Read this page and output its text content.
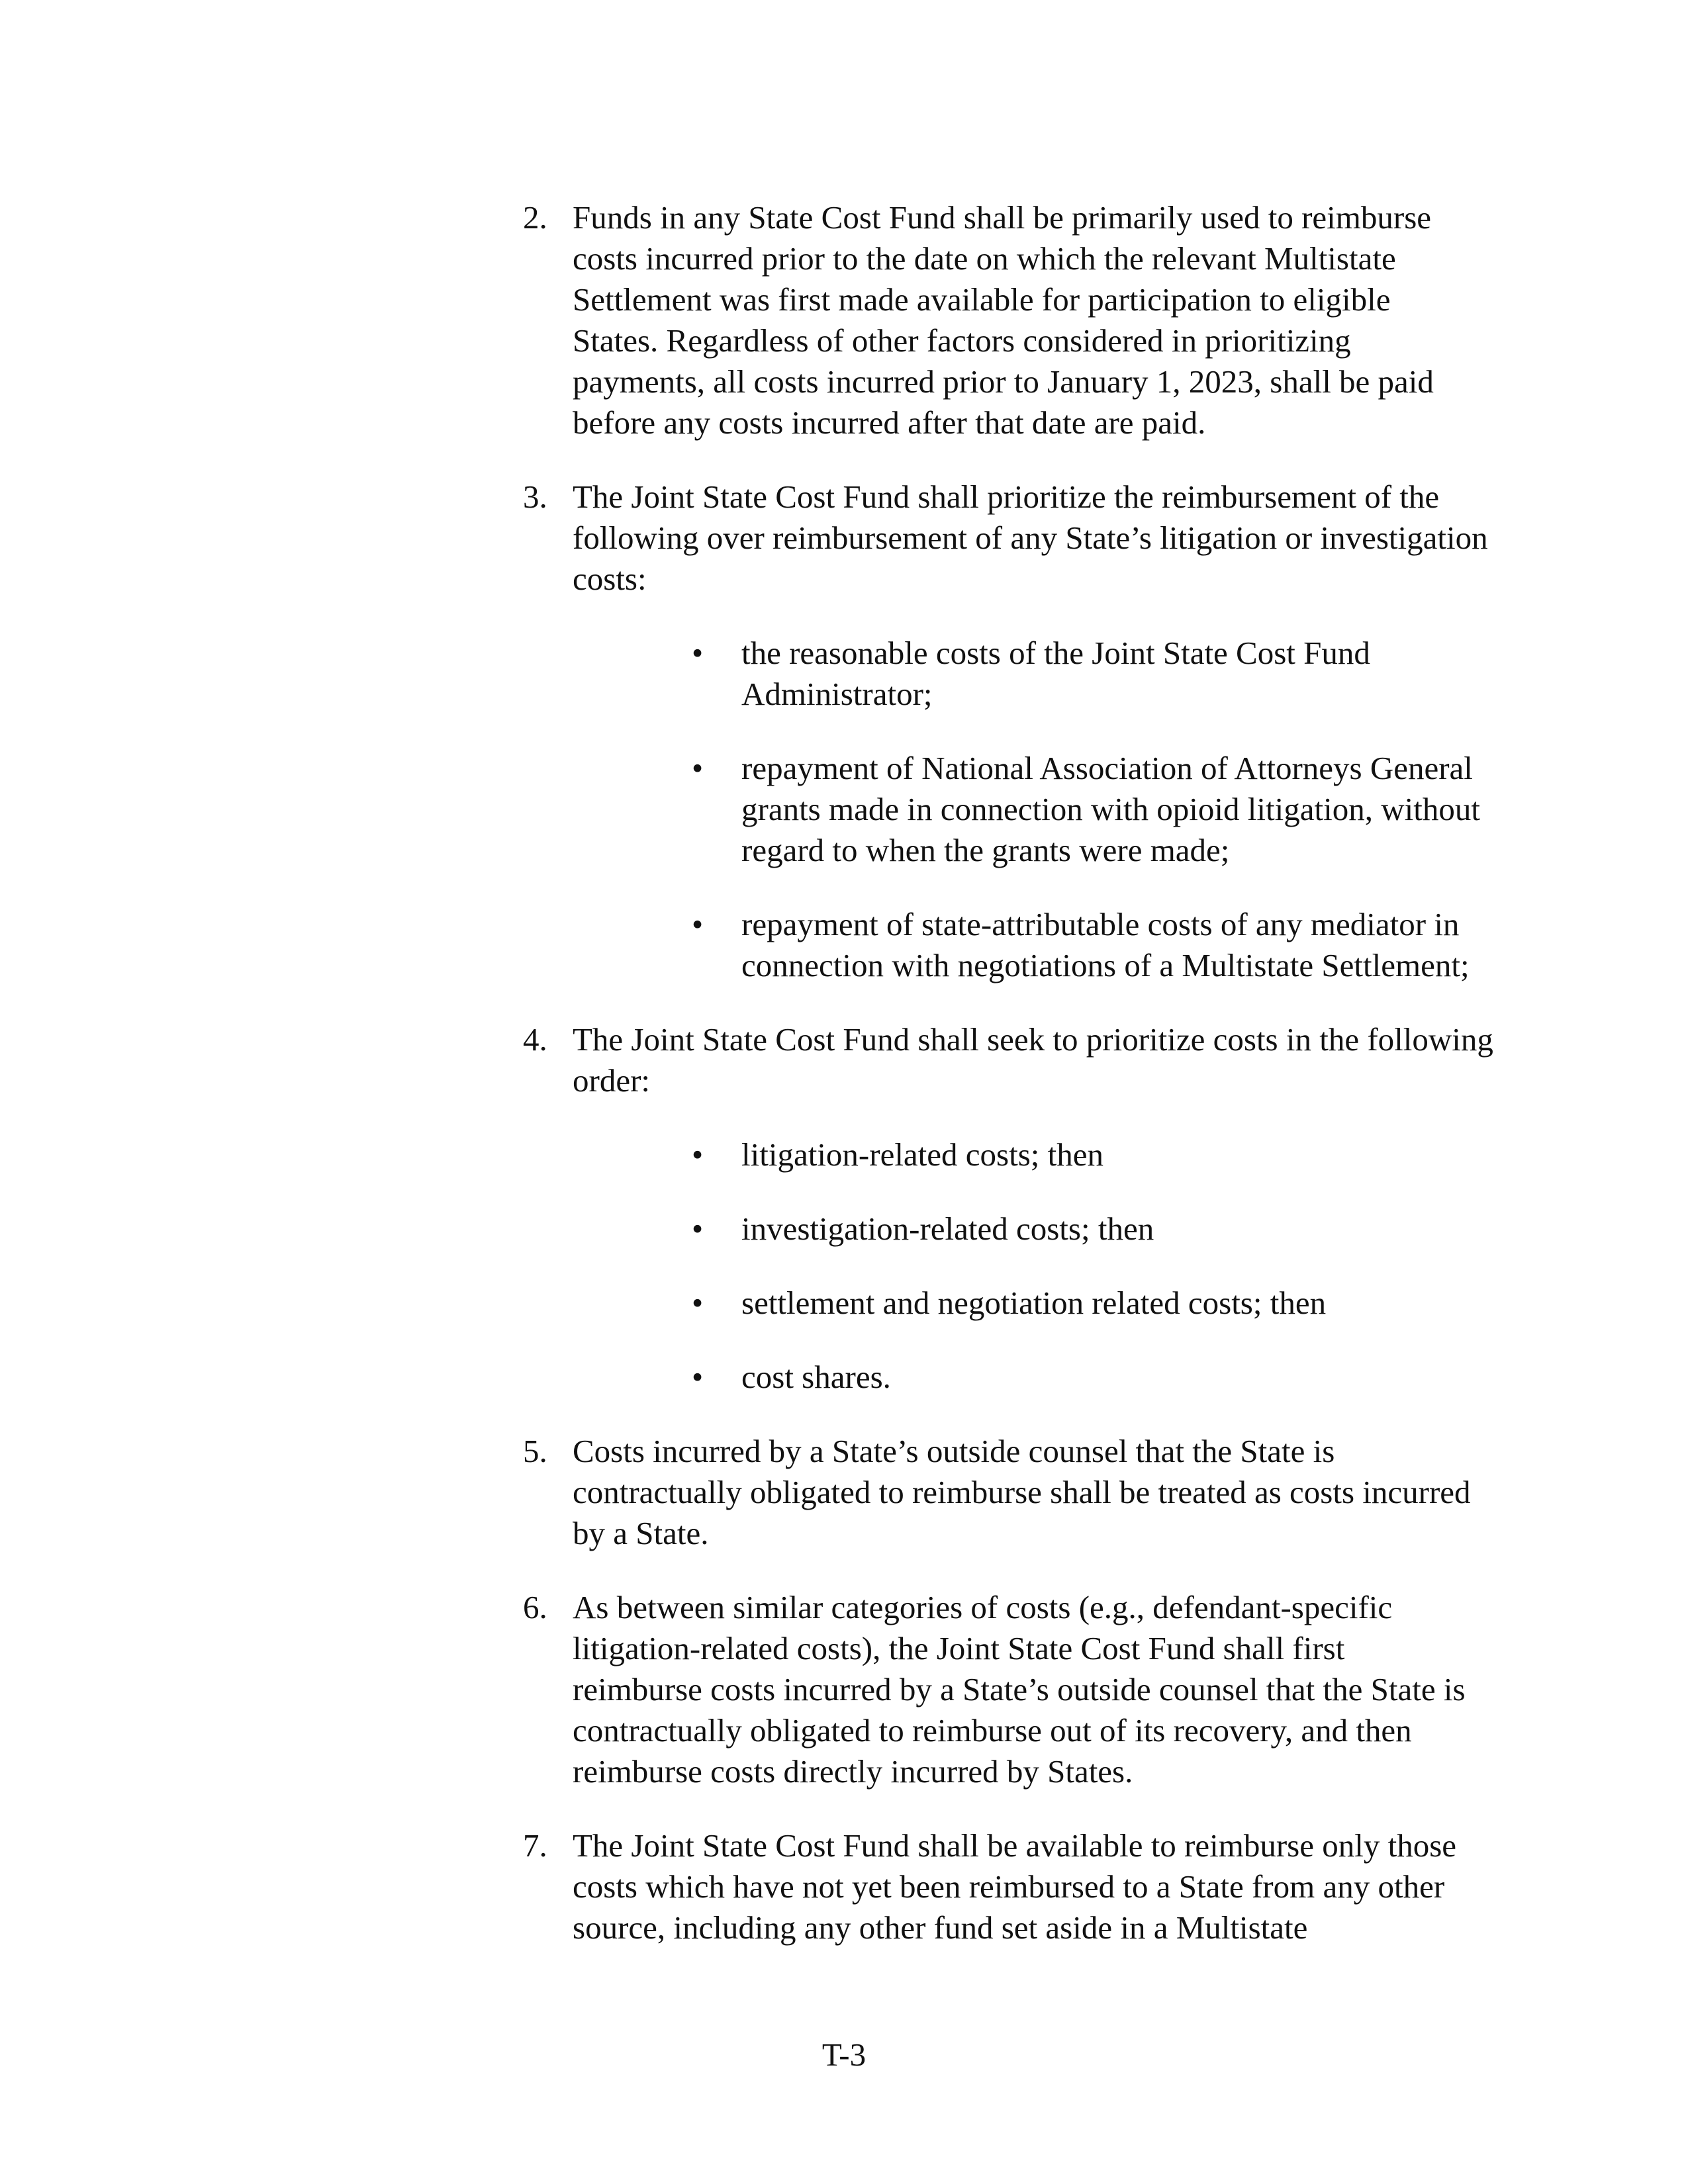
2. Funds in any State Cost Fund shall be primarily used to reimburse costs incurred prior to the date on which the relevant Multistate Settlement was first made available for participation to eligible States. Regardless of other factors considered in prioritizing payments, all costs incurred prior to January 1, 2023, shall be paid before any costs incurred after that date are paid.
3. The Joint State Cost Fund shall prioritize the reimbursement of the following over reimbursement of any State’s litigation or investigation costs:
•	the reasonable costs of the Joint State Cost Fund Administrator;
•	repayment of National Association of Attorneys General grants made in connection with opioid litigation, without regard to when the grants were made;
•	repayment of state-attributable costs of any mediator in connection with negotiations of a Multistate Settlement;
4. The Joint State Cost Fund shall seek to prioritize costs in the following order:
•	litigation-related costs; then
•	investigation-related costs; then
•	settlement and negotiation related costs; then
•	cost shares.
5. Costs incurred by a State’s outside counsel that the State is contractually obligated to reimburse shall be treated as costs incurred by a State.
6. As between similar categories of costs (e.g., defendant-specific litigation-related costs), the Joint State Cost Fund shall first reimburse costs incurred by a State’s outside counsel that the State is contractually obligated to reimburse out of its recovery, and then reimburse costs directly incurred by States.
7. The Joint State Cost Fund shall be available to reimburse only those costs which have not yet been reimbursed to a State from any other source, including any other fund set aside in a Multistate
T-3
